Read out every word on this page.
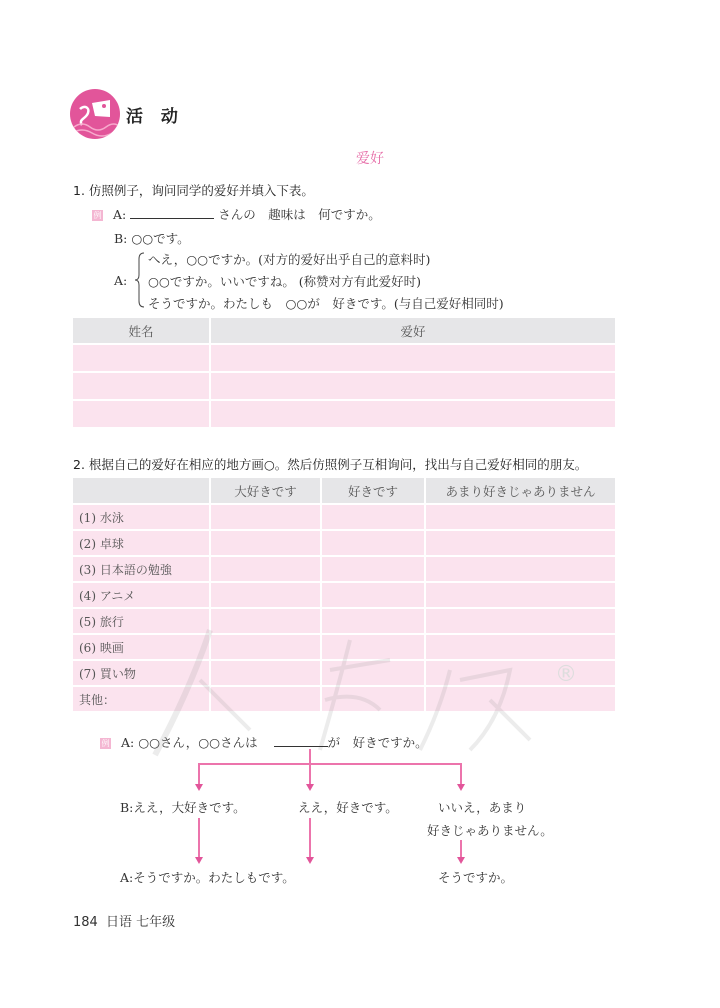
活 动
爱好
1. 仿照例子，询问同学的爱好并填入下表。
例 A:	さんの　趣味は　何ですか。
B: ○○です。
A:
へえ，○○ですか。(对方的爱好出乎自己的意料时)
○○ですか。いいですね。 (称赞对方有此爱好时)
そうですか。わたしも　○○が　好きです。(与自己爱好相同时)
姓名	爱好

2. 根据自己的爱好在相应的地方画○。然后仿照例子互相询问，找出与自己爱好相同的朋友。
	大好きです	好きです	あまり好きじゃありません
(1) 水泳			
(2) 卓球			
(3) 日本語の勉強			
(4) アニメ			
(5) 旅行			
(6) 映画			
(7) 買い物			
其他：			
®
例 A: ○○さん，○○さんは	が　好きですか。
B:ええ，大好きです。	ええ，好きです。	いいえ，あまり
好きじゃありません。
A:そうですか。わたしもです。	そうですか。
184 日语 七年级
